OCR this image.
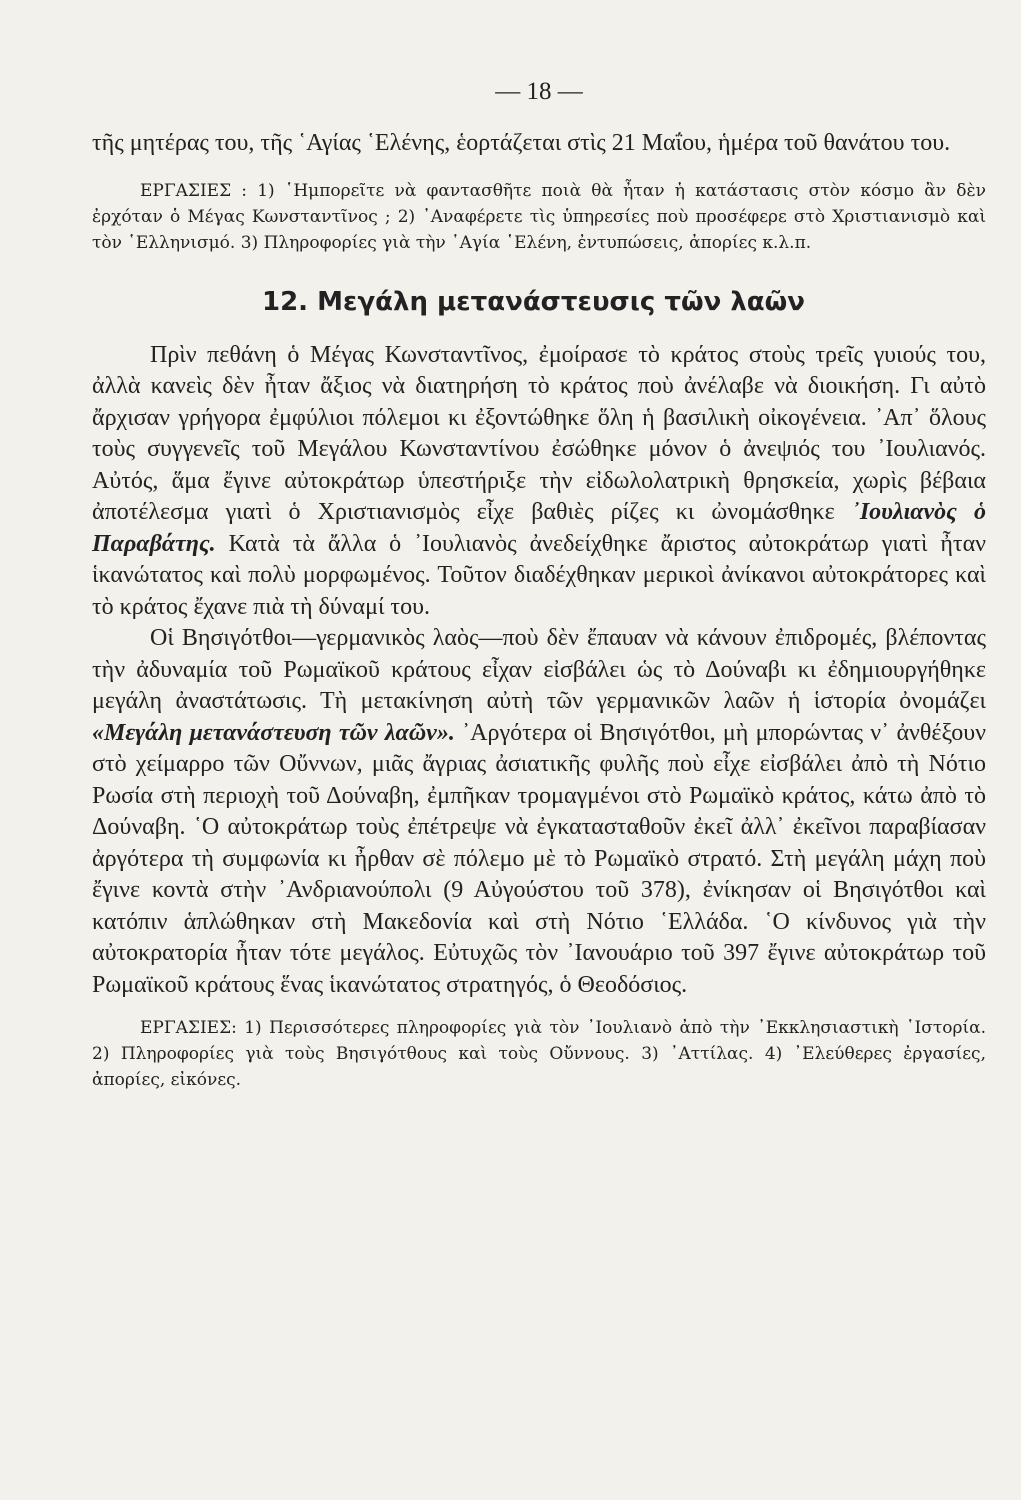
— 18 —

τῆς μητέρας του, τῆς ῾Αγίας ῾Ελένης, ἑορτάζεται στὶς 21 Μαΐου, ἡμέρα τοῦ θανάτου του.

ΕΡΓΑΣΙΕΣ : 1) ῾Ημπορεῖτε νὰ φαντασθῆτε ποιὰ θὰ ἦταν ἡ κατάστασις στὸν κόσμο ἂν δὲν ἐρχόταν ὁ Μέγας Κωνσταντῖνος ; 2) ᾿Αναφέρετε τὶς ὑπηρεσίες ποὺ προσέφερε στὸ Χριστιανισμὸ καὶ τὸν ῾Ελληνισμό. 3) Πληροφορίες γιὰ τὴν ῾Αγία ῾Ελένη, ἐντυπώσεις, ἀπορίες κ.λ.π.

12. Μεγάλη μετανάστευσις τῶν λαῶν

Πρὶν πεθάνη ὁ Μέγας Κωνσταντῖνος, ἐμοίρασε τὸ κράτος στοὺς τρεῖς γυιούς του, ἀλλὰ κανεὶς δὲν ἦταν ἄξιος νὰ διατηρήση τὸ κράτος ποὺ ἀνέλαβε νὰ διοικήση. Γι αὐτὸ ἄρχισαν γρήγορα ἐμφύλιοι πόλεμοι κι ἐξοντώθηκε ὅλη ἡ βασιλικὴ οἰκογένεια. ᾿Απ᾿ ὅλους τοὺς συγγενεῖς τοῦ Μεγάλου Κωνσταντίνου ἐσώθηκε μόνον ὁ ἀνεψιός του ᾿Ιουλιανός. Αὐτός, ἅμα ἔγινε αὐτοκράτωρ ὑπεστήριξε τὴν εἰδωλολατρικὴ θρησκεία, χωρὶς βέβαια ἀποτέλεσμα γιατὶ ὁ Χριστιανισμὸς εἶχε βαθιὲς ρίζες κι ὠνομάσθηκε ᾿Ιουλιανὸς ὁ Παραβάτης. Κατὰ τὰ ἄλλα ὁ ᾿Ιουλιανὸς ἀνεδείχθηκε ἄριστος αὐτοκράτωρ γιατὶ ἦταν ἱκανώτατος καὶ πολὺ μορφωμένος. Τοῦτον διαδέχθηκαν μερικοὶ ἀνίκανοι αὐτοκράτορες καὶ τὸ κράτος ἔχανε πιὰ τὴ δύναμί του.

Οἱ Βησιγότθοι—γερμανικὸς λαὸς—ποὺ δὲν ἔπαυαν νὰ κάνουν ἐπιδρομές, βλέποντας τὴν ἀδυναμία τοῦ Ρωμαϊκοῦ κράτους εἶχαν εἰσβάλει ὡς τὸ Δούναβι κι ἐδημιουργήθηκε μεγάλη ἀναστάτωσις. Τὴ μετακίνηση αὐτὴ τῶν γερμανικῶν λαῶν ἡ ἱστορία ὀνομάζει «Μεγάλη μετανάστευση τῶν λαῶν». ᾿Αργότερα οἱ Βησιγότθοι, μὴ μπορώντας ν᾿ ἀνθέξουν στὸ χείμαρρο τῶν Οὔννων, μιᾶς ἄγριας ἀσιατικῆς φυλῆς ποὺ εἶχε εἰσβάλει ἀπὸ τὴ Νότιο Ρωσία στὴ περιοχὴ τοῦ Δούναβη, ἐμπῆκαν τρομαγμένοι στὸ Ρωμαϊκὸ κράτος, κάτω ἀπὸ τὸ Δούναβη. ῾Ο αὐτοκράτωρ τοὺς ἐπέτρεψε νὰ ἐγκατασταθοῦν ἐκεῖ ἀλλ᾿ ἐκεῖνοι παραβίασαν ἀργότερα τὴ συμφωνία κι ἦρθαν σὲ πόλεμο μὲ τὸ Ρωμαϊκὸ στρατό. Στὴ μεγάλη μάχη ποὺ ἔγινε κοντὰ στὴν ᾿Ανδριανούπολι (9 Αὐγούστου τοῦ 378), ἐνίκησαν οἱ Βησιγότθοι καὶ κατόπιν ἁπλώθηκαν στὴ Μακεδονία καὶ στὴ Νότιο ῾Ελλάδα. ῾Ο κίνδυνος γιὰ τὴν αὐτοκρατορία ἦταν τότε μεγάλος. Εὐτυχῶς τὸν ᾿Ιανουάριο τοῦ 397 ἔγινε αὐτοκράτωρ τοῦ Ρωμαϊκοῦ κράτους ἕνας ἱκανώτατος στρατηγός, ὁ Θεοδόσιος.

ΕΡΓΑΣΙΕΣ: 1) Περισσότερες πληροφορίες γιὰ τὸν ᾿Ιουλιανὸ ἀπὸ τὴν ᾿Εκκλησιαστικὴ ῾Ιστορία. 2) Πληροφορίες γιὰ τοὺς Βησιγότθους καὶ τοὺς Οὔννους. 3) ᾿Αττίλας. 4) ᾿Ελεύθερες ἐργασίες, ἀπορίες, εἰκόνες.
